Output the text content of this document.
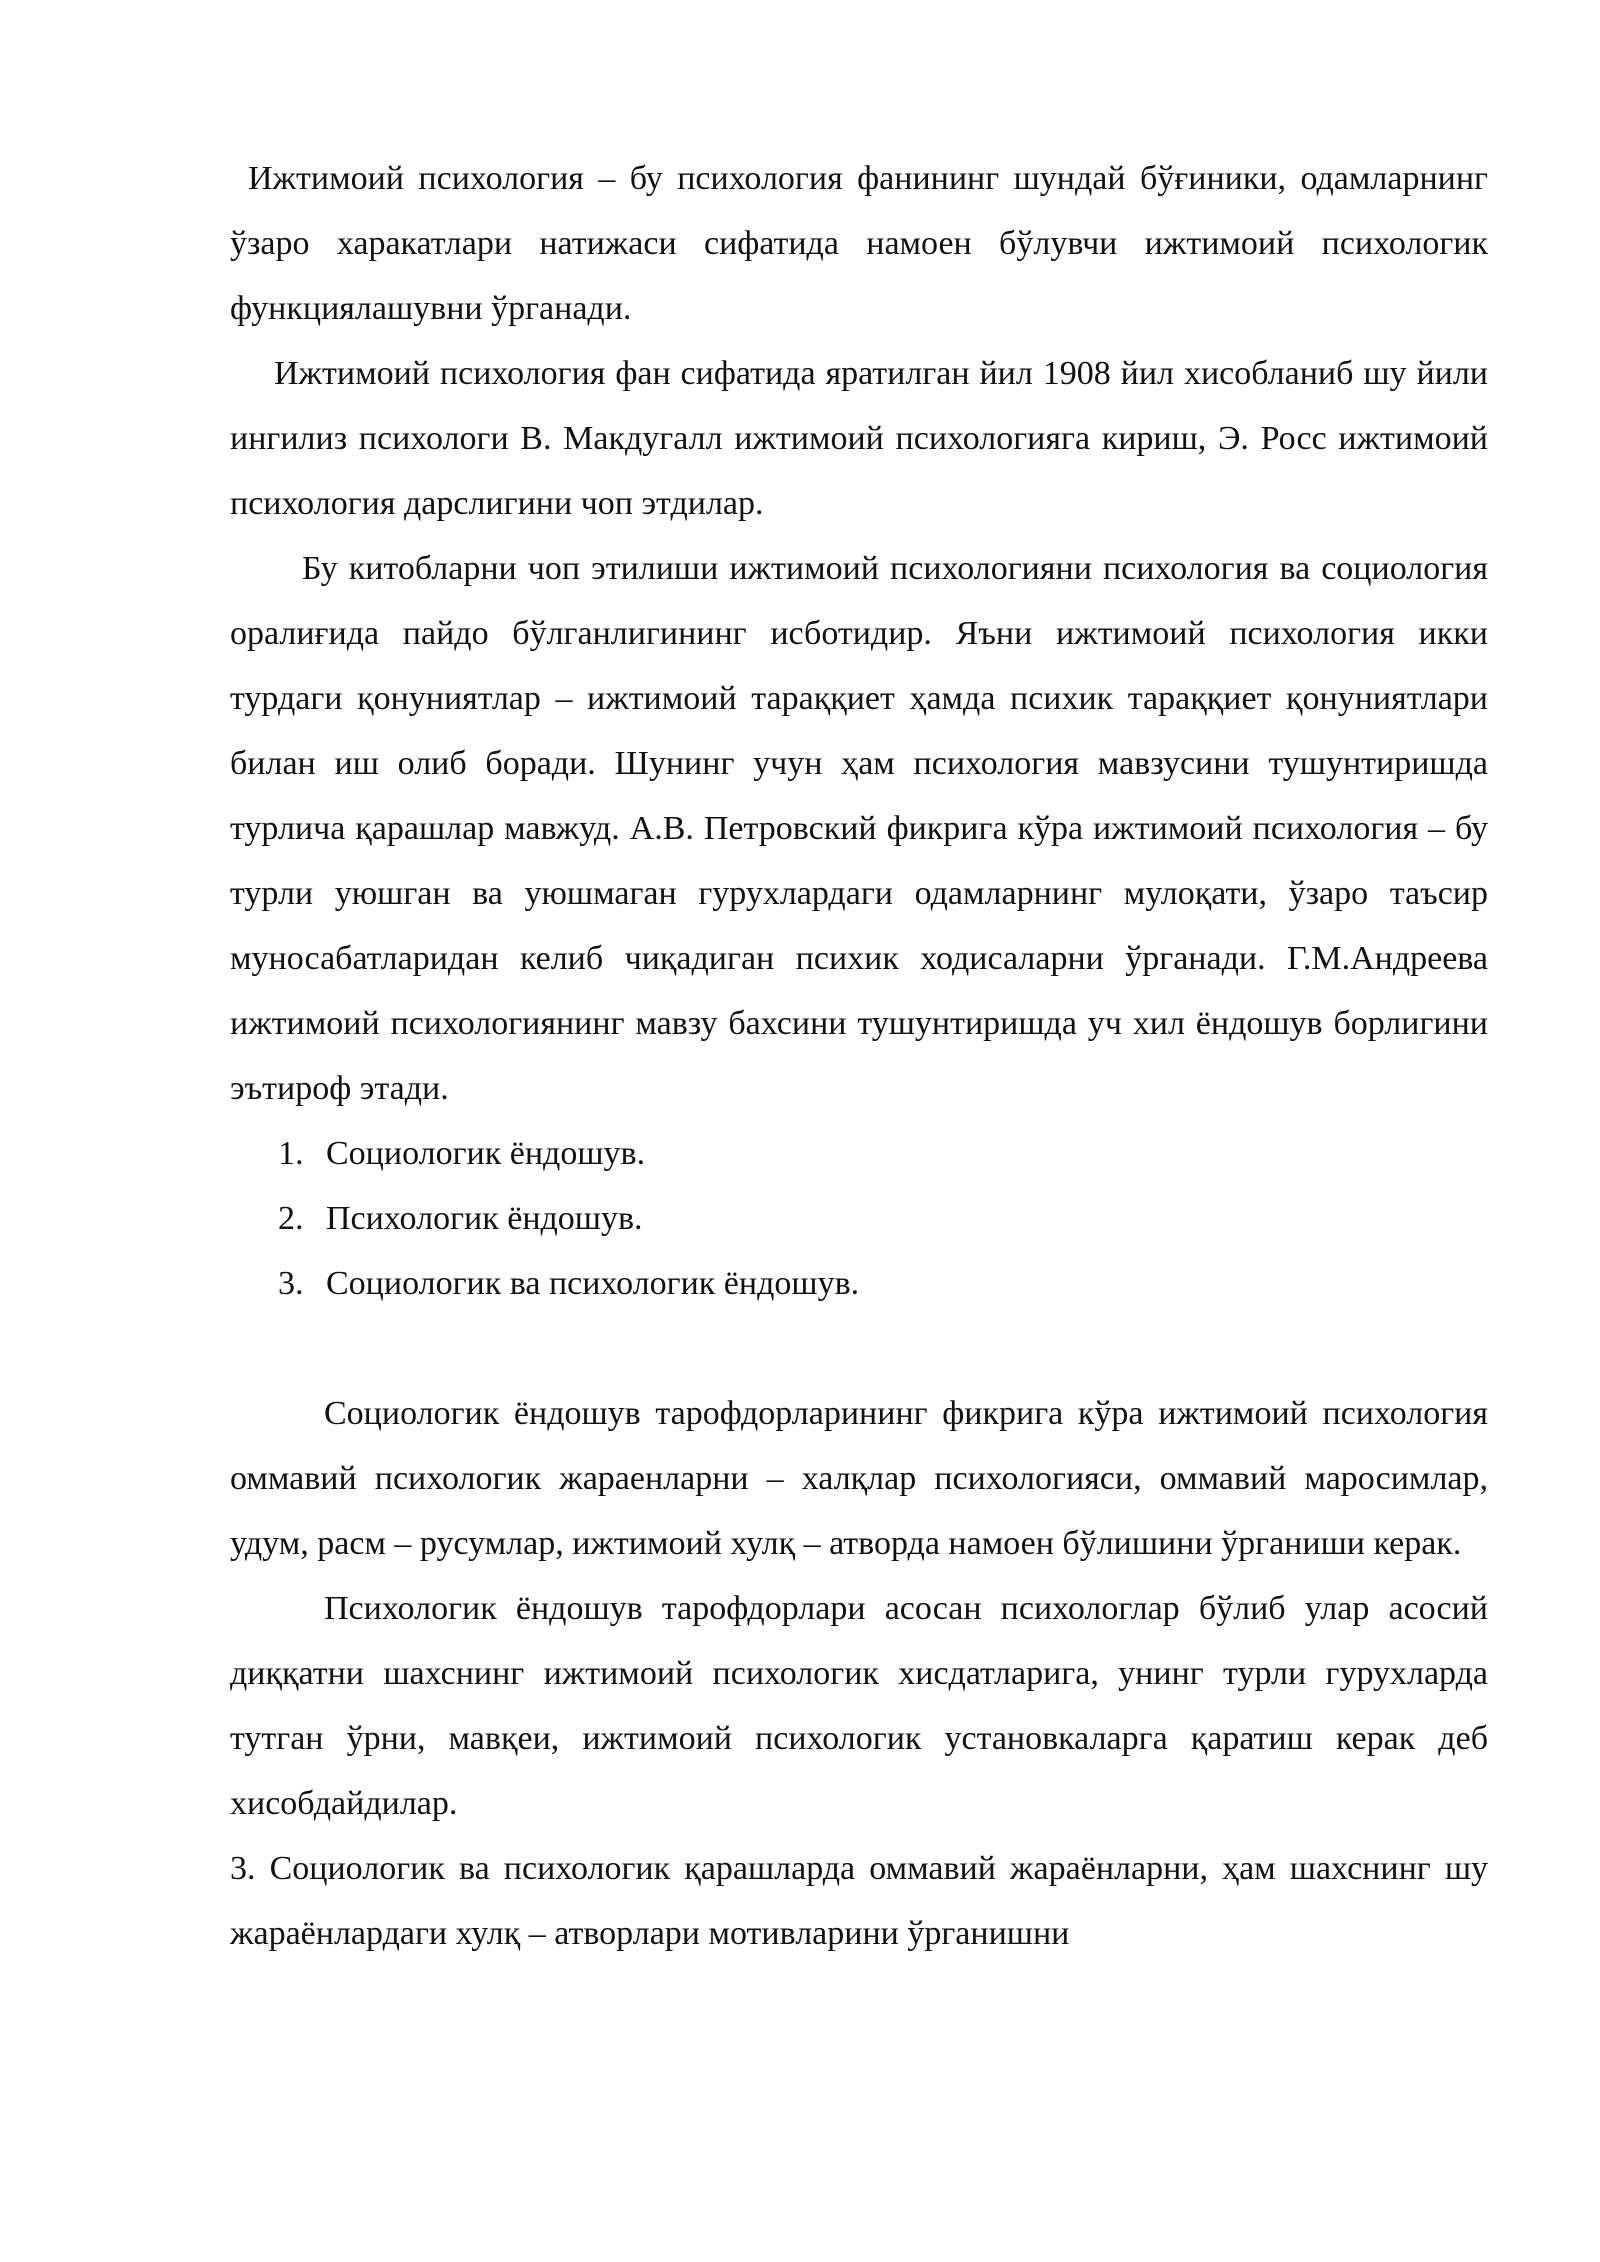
Ижтимоий психология – бу психология фанининг шундай бўғиники, одамларнинг ўзаро харакатлари натижаси сифатида намоен бўлувчи ижтимоий психологик функциялашувни ўрганади.

Ижтимоий психология фан сифатида яратилган йил 1908 йил хисобланиб шу йили ингилиз психологи В. Макдугалл ижтимоий психологияга кириш, Э. Росс ижтимоий психология дарслигини чоп этдилар.

Бу китобларни чоп этилиши ижтимоий психологияни психология ва социология оралиғида пайдо бўлганлигининг исботидир. Яъни ижтимоий психология икки турдаги қонуниятлар – ижтимоий тараққиет ҳамда психик тараққиет қонуниятлари билан иш олиб боради. Шунинг учун ҳам психология мавзусини тушунтиришда турлича қарашлар мавжуд. А.В. Петровский фикрига кўра ижтимоий психология – бу турли уюшган ва уюшмаган гурухлардаги одамларнинг мулоқати, ўзаро таъсир муносабатларидан келиб чиқадиган психик ходисаларни ўрганади. Г.М.Андреева ижтимоий психологиянинг мавзу бахсини тушунтиришда уч хил ёндошув борлигини эътироф этади.

1. Социологик ёндошув.
2. Психологик ёндошув.
3. Социологик ва психологик ёндошув.

Социологик ёндошув тарофдорларининг фикрига кўра ижтимоий психология оммавий психологик жараенларни – халқлар психологияси, оммавий маросимлар, удум, расм – русумлар, ижтимоий хулқ – атворда намоен бўлишини ўрганиши керак.

Психологик ёндошув тарофдорлари асосан психологлар бўлиб улар асосий диққатни шахснинг ижтимоий психологик хисдатларига, унинг турли гурухларда тутган ўрни, мавқеи, ижтимоий психологик установкаларга қаратиш керак деб хисобдайдилар.

3. Социологик ва психологик қарашларда оммавий жараёнларни, ҳам шахснинг шу жараёнлардаги хулқ – атворлари мотивларини ўрганишни
